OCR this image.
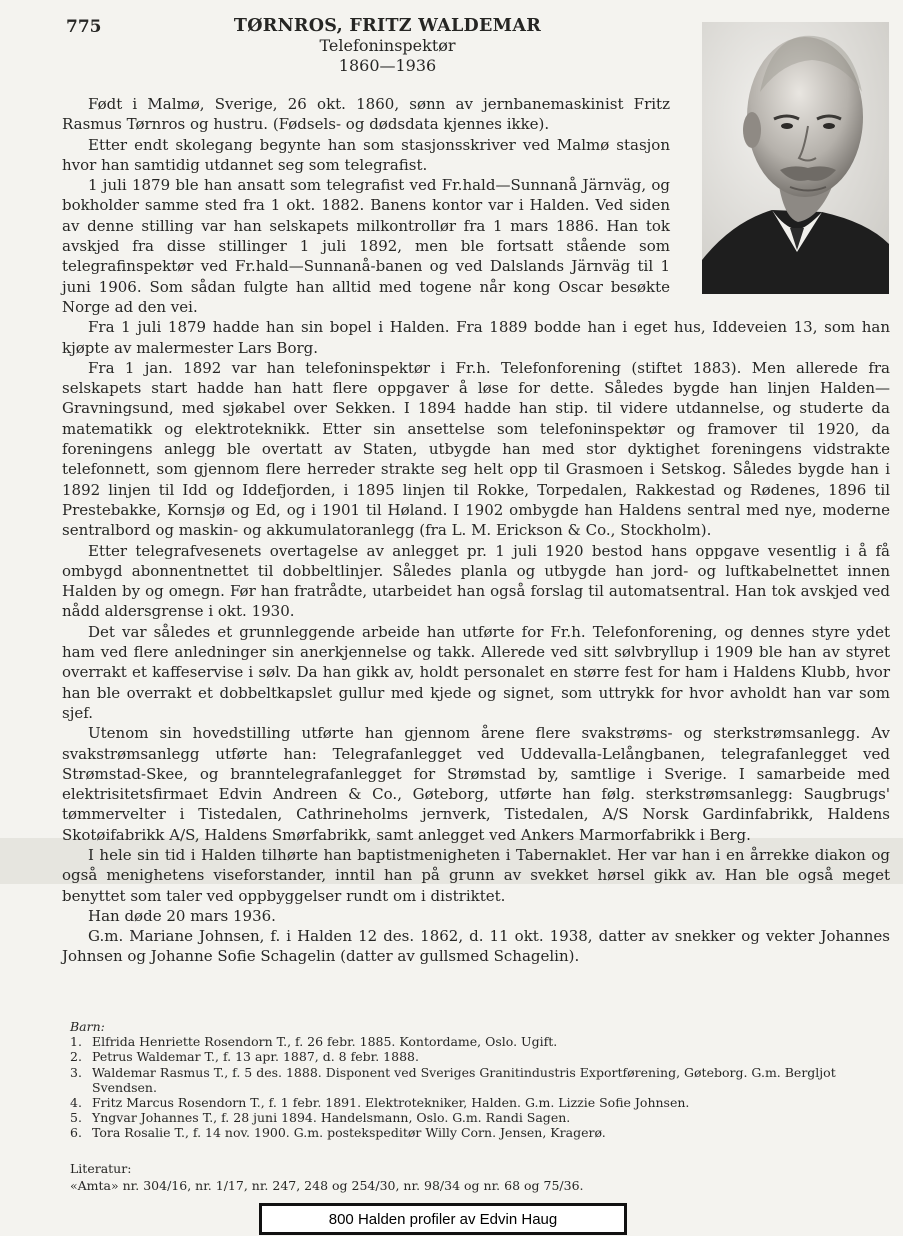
775	TØRNROS, FRITZ WALDEMAR
Telefoninspektør
1860—1936

Født i Malmø, Sverige, 26 okt. 1860, sønn av jernbanemaskinist Fritz Rasmus Tørnros og hustru. (Fødsels- og dødsdata kjennes ikke).

Etter endt skolegang begynte han som stasjonsskriver ved Malmø stasjon hvor han samtidig utdannet seg som telegrafist.

1 juli 1879 ble han ansatt som telegrafist ved Fr.hald—Sunnanå Järnväg, og bokholder samme sted fra 1 okt. 1882. Banens kontor var i Halden. Ved siden av denne stilling var han selskapets milkontrollør fra 1 mars 1886. Han tok avskjed fra disse stillinger 1 juli 1892, men ble fortsatt stående som telegrafinspektør ved Fr.hald—Sunnanå-banen og ved Dalslands Järnväg til 1 juni 1906. Som sådan fulgte han alltid med togene når kong Oscar besøkte Norge ad den vei.

Fra 1 juli 1879 hadde han sin bopel i Halden. Fra 1889 bodde han i eget hus, Iddeveien 13, som han kjøpte av malermester Lars Borg.

Fra 1 jan. 1892 var han telefoninspektør i Fr.h. Telefonforening (stiftet 1883). Men allerede fra selskapets start hadde han hatt flere oppgaver å løse for dette. Således bygde han linjen Halden—Gravningsund, med sjøkabel over Sekken. I 1894 hadde han stip. til videre utdannelse, og studerte da matematikk og elektroteknikk. Etter sin ansettelse som telefoninspektør og framover til 1920, da foreningens anlegg ble overtatt av Staten, utbygde han med stor dyktighet foreningens vidstrakte telefonnett, som gjennom flere herreder strakte seg helt opp til Grasmoen i Setskog. Således bygde han i 1892 linjen til Idd og Iddefjorden, i 1895 linjen til Rokke, Torpedalen, Rakkestad og Rødenes, 1896 til Prestebakke, Kornsjø og Ed, og i 1901 til Høland. I 1902 ombygde han Haldens sentral med nye, moderne sentralbord og maskin- og akkumulatoranlegg (fra L. M. Erickson & Co., Stockholm).

Etter telegrafvesenets overtagelse av anlegget pr. 1 juli 1920 bestod hans oppgave vesentlig i å få ombygd abonnentnettet til dobbeltlinjer. Således planla og utbygde han jord- og luftkabelnettet innen Halden by og omegn. Før han fratrådte, utarbeidet han også forslag til automatsentral. Han tok avskjed ved nådd aldersgrense i okt. 1930.

Det var således et grunnleggende arbeide han utførte for Fr.h. Telefonforening, og dennes styre ydet ham ved flere anledninger sin anerkjennelse og takk. Allerede ved sitt sølvbryllup i 1909 ble han av styret overrakt et kaffeservise i sølv. Da han gikk av, holdt personalet en større fest for ham i Haldens Klubb, hvor han ble overrakt et dobbeltkapslet gullur med kjede og signet, som uttrykk for hvor avholdt han var som sjef.

Utenom sin hovedstilling utførte han gjennom årene flere svakstrøms- og sterkstrømsanlegg. Av svakstrømsanlegg utførte han: Telegrafanlegget ved Uddevalla-Lelångbanen, telegrafanlegget ved Strømstad-Skee, og branntelegrafanlegget for Strømstad by, samtlige i Sverige. I samarbeide med elektrisitetsfirmaet Edvin Andreen & Co., Gøteborg, utførte han følg. sterkstrømsanlegg: Saugbrugs' tømmervelter i Tistedalen, Cathrineholms jernverk, Tistedalen, A/S Norsk Gardinfabrikk, Haldens Skotøifabrikk A/S, Haldens Smørfabrikk, samt anlegget ved Ankers Marmorfabrikk i Berg.

I hele sin tid i Halden tilhørte han baptistmenigheten i Tabernaklet. Her var han i en årrekke diakon og også menighetens viseforstander, inntil han på grunn av svekket hørsel gikk av. Han ble også meget benyttet som taler ved oppbyggelser rundt om i distriktet.

Han døde 20 mars 1936.

G.m. Mariane Johnsen, f. i Halden 12 des. 1862, d. 11 okt. 1938, datter av snekker og vekter Johannes Johnsen og Johanne Sofie Schagelin (datter av gullsmed Schagelin).

Barn:
1. Elfrida Henriette Rosendorn T., f. 26 febr. 1885. Kontordame, Oslo. Ugift.
2. Petrus Waldemar T., f. 13 apr. 1887, d. 8 febr. 1888.
3. Waldemar Rasmus T., f. 5 des. 1888. Disponent ved Sveriges Granitindustris Exportførening, Gøteborg. G.m. Bergljot Svendsen.
4. Fritz Marcus Rosendorn T., f. 1 febr. 1891. Elektrotekniker, Halden. G.m. Lizzie Sofie Johnsen.
5. Yngvar Johannes T., f. 28 juni 1894. Handelsmann, Oslo. G.m. Randi Sagen.
6. Tora Rosalie T., f. 14 nov. 1900. G.m. postekspeditør Willy Corn. Jensen, Kragerø.
Literatur:
«Amta» nr. 304/16, nr. 1/17, nr. 247, 248 og 254/30, nr. 98/34 og nr. 68 og 75/36.
800 Halden profiler av Edvin Haug
